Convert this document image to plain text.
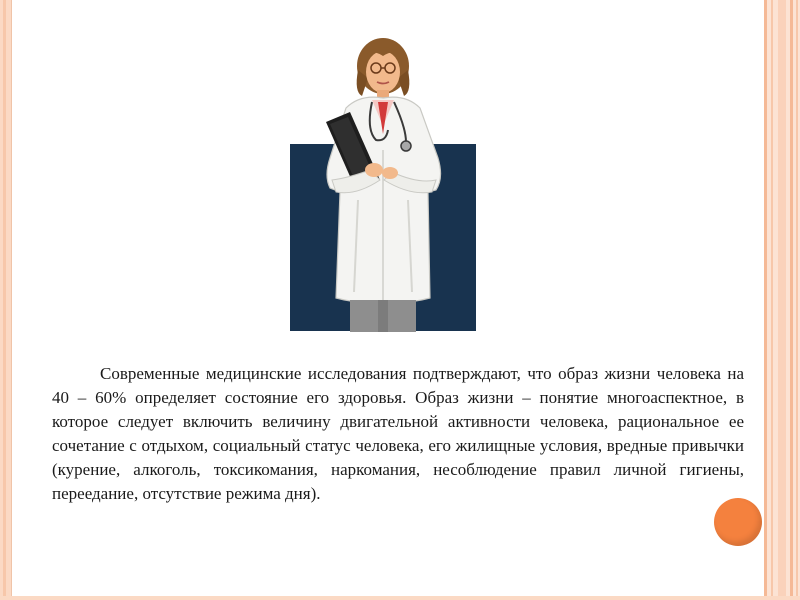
Современные медицинские исследования подтверждают, что образ жизни человека на 40 – 60% определяет состояние его здоровья. Образ жизни – понятие многоаспектное, в которое следует включить величину двигательной активности человека, рациональное ее сочетание с отдыхом, социальный статус человека, его жилищные условия, вредные привычки (курение, алкоголь, токсикомания, наркомания, несоблюдение правил личной гигиены, переедание, отсутствие режима дня).
